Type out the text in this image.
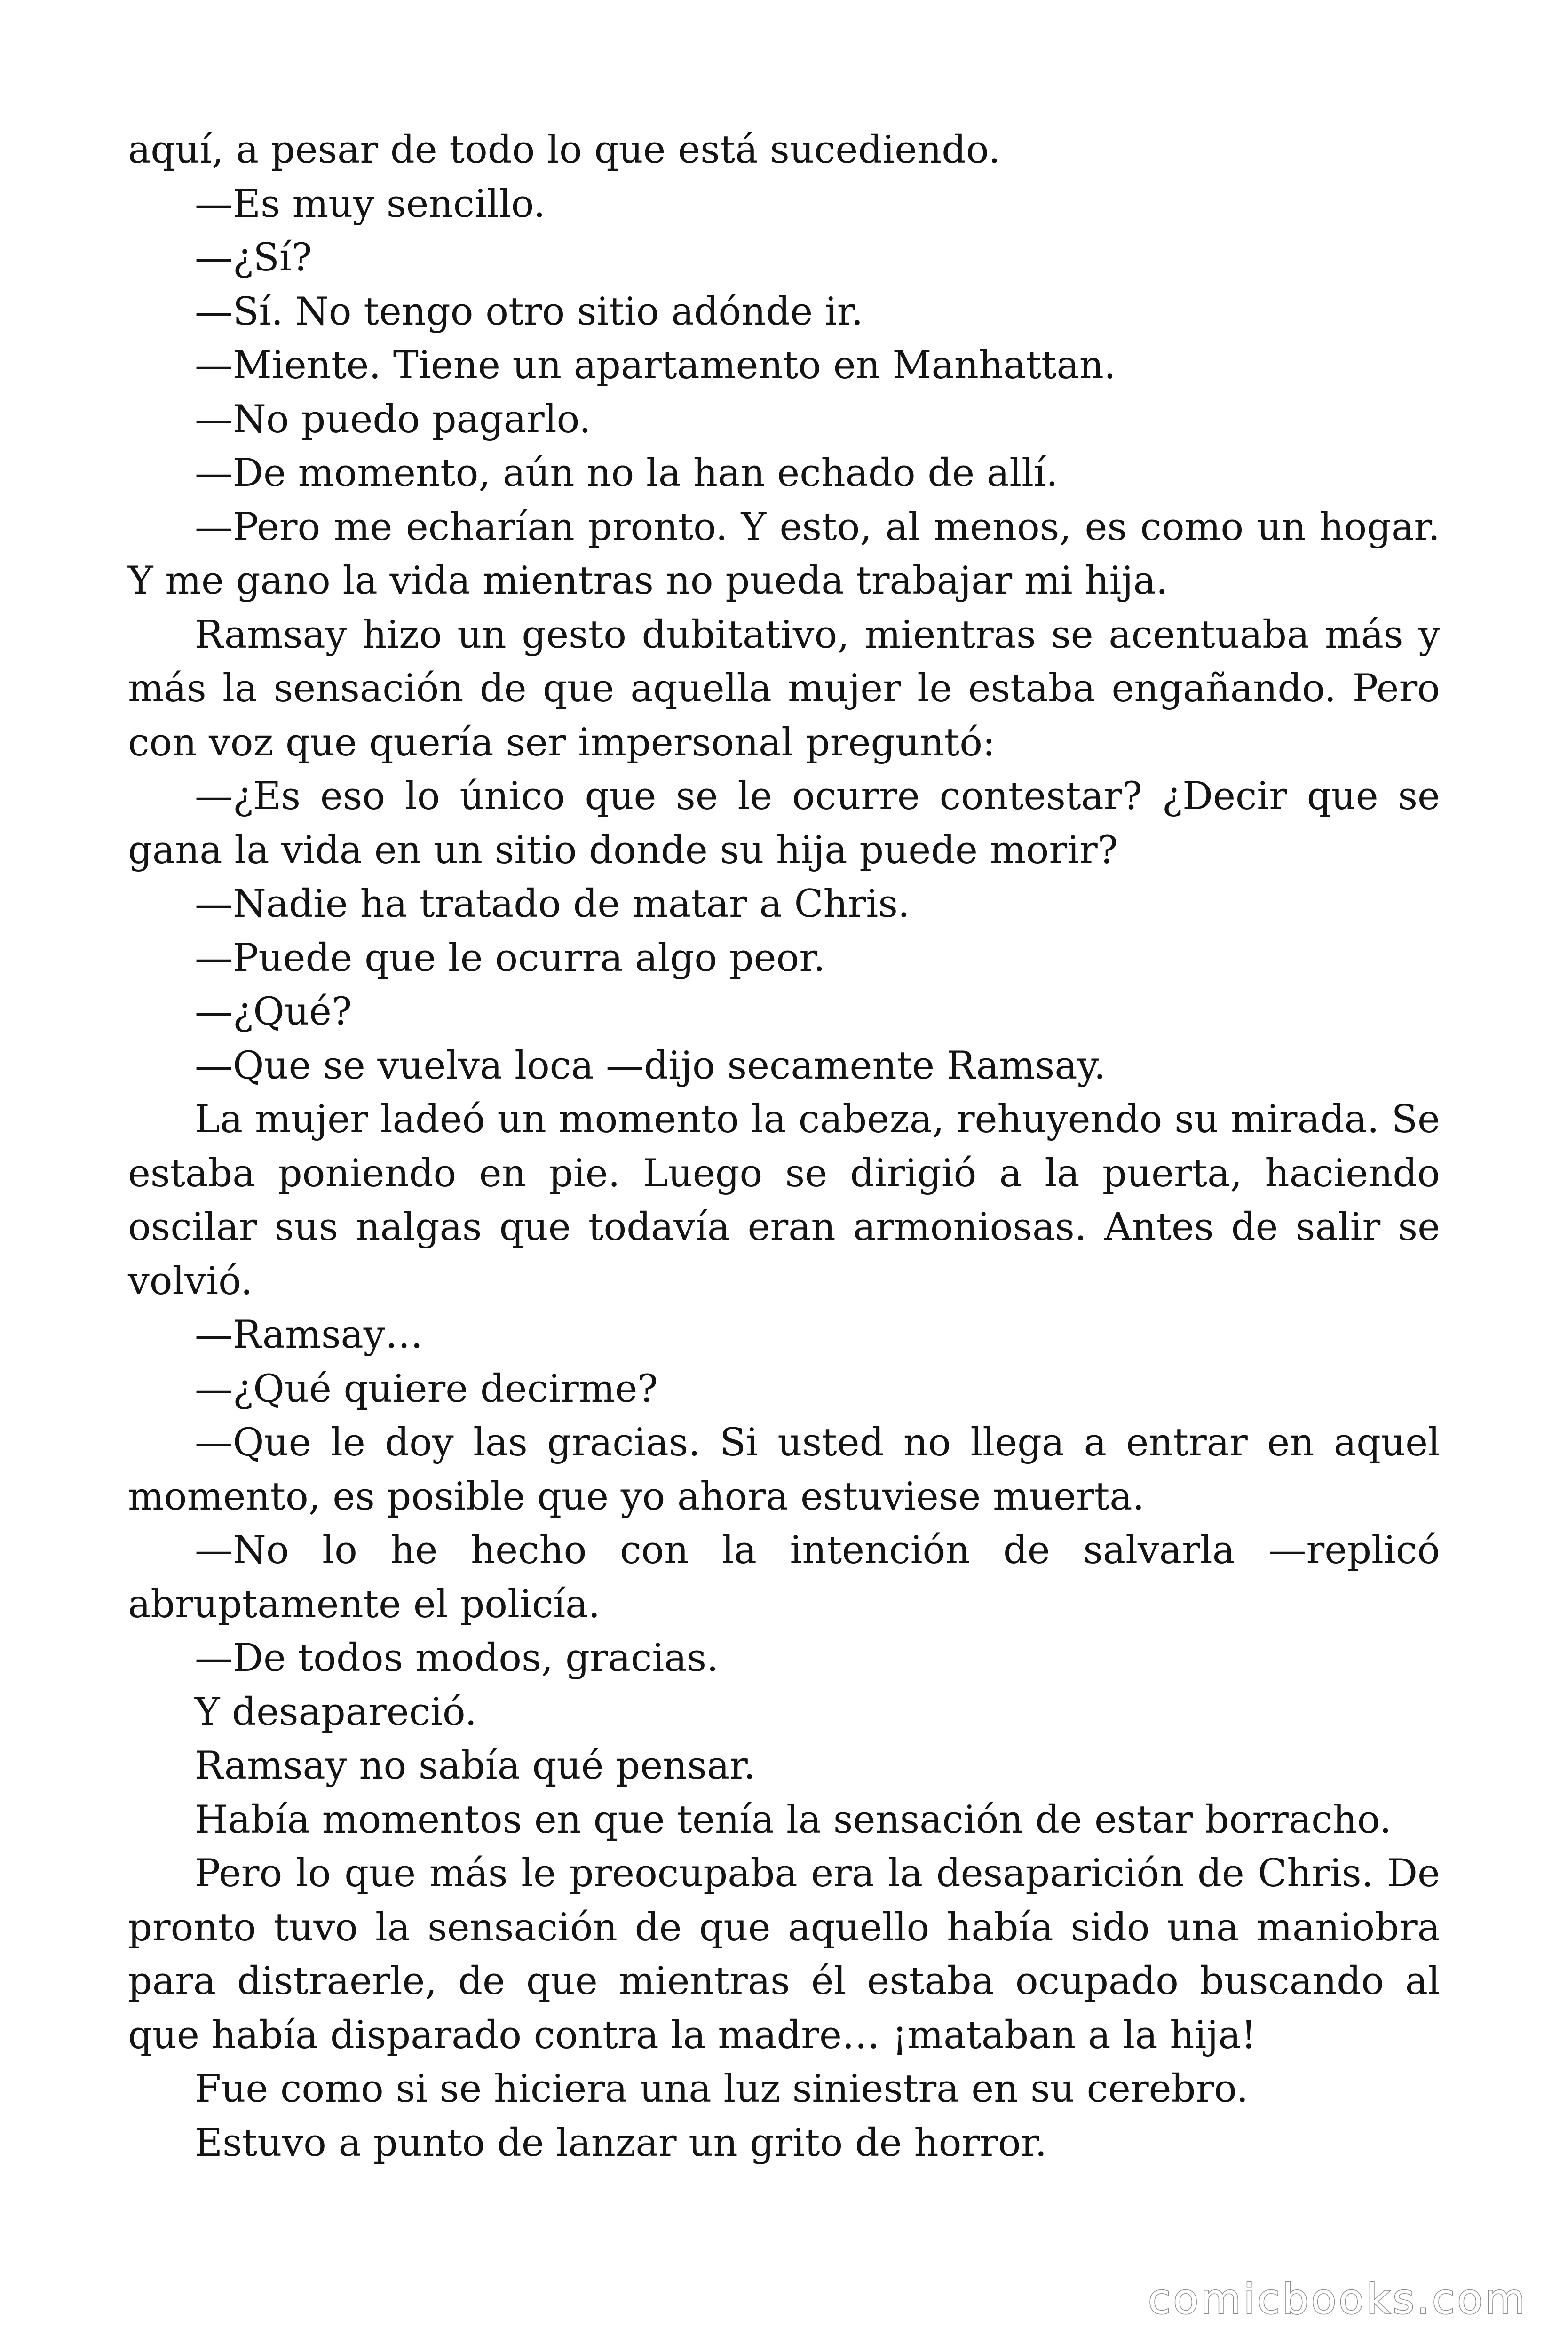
aquí, a pesar de todo lo que está sucediendo.

—Es muy sencillo.

—¿Sí?

—Sí. No tengo otro sitio adónde ir.

—Miente. Tiene un apartamento en Manhattan.

—No puedo pagarlo.

—De momento, aún no la han echado de allí.

—Pero me echarían pronto. Y esto, al menos, es como un hogar. Y me gano la vida mientras no pueda trabajar mi hija.

Ramsay hizo un gesto dubitativo, mientras se acentuaba más y más la sensación de que aquella mujer le estaba engañando. Pero con voz que quería ser impersonal preguntó:

—¿Es eso lo único que se le ocurre contestar? ¿Decir que se gana la vida en un sitio donde su hija puede morir?

—Nadie ha tratado de matar a Chris.

—Puede que le ocurra algo peor.

—¿Qué?

—Que se vuelva loca —dijo secamente Ramsay.

La mujer ladeó un momento la cabeza, rehuyendo su mirada. Se estaba poniendo en pie. Luego se dirigió a la puerta, haciendo oscilar sus nalgas que todavía eran armoniosas. Antes de salir se volvió.

—Ramsay…

—¿Qué quiere decirme?

—Que le doy las gracias. Si usted no llega a entrar en aquel momento, es posible que yo ahora estuviese muerta.

—No lo he hecho con la intención de salvarla —replicó abruptamente el policía.

—De todos modos, gracias.

Y desapareció.

Ramsay no sabía qué pensar.

Había momentos en que tenía la sensación de estar borracho.

Pero lo que más le preocupaba era la desaparición de Chris. De pronto tuvo la sensación de que aquello había sido una maniobra para distraerle, de que mientras él estaba ocupado buscando al que había disparado contra la madre… ¡mataban a la hija!

Fue como si se hiciera una luz siniestra en su cerebro.

Estuvo a punto de lanzar un grito de horror.

comicbooks.com
